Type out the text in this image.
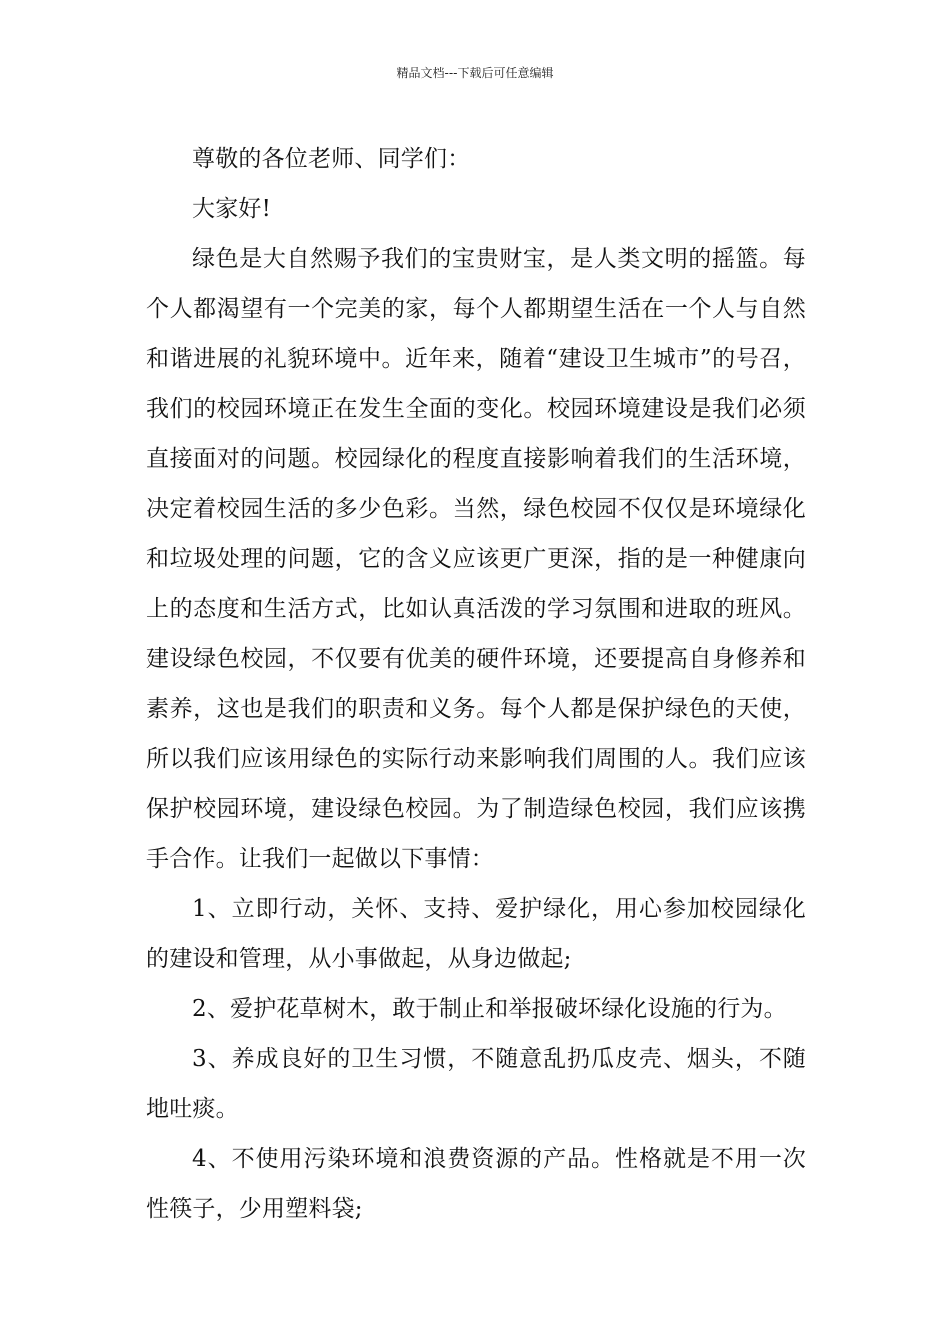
精品文档---下载后可任意编辑

尊敬的各位老师、同学们：

大家好!

绿色是大自然赐予我们的宝贵财宝，是人类文明的摇篮。每个人都渴望有一个完美的家，每个人都期望生活在一个人与自然和谐进展的礼貌环境中。近年来，随着“建设卫生城市”的号召，我们的校园环境正在发生全面的变化。校园环境建设是我们必须直接面对的问题。校园绿化的程度直接影响着我们的生活环境，决定着校园生活的多少色彩。当然，绿色校园不仅仅是环境绿化和垃圾处理的问题，它的含义应该更广更深，指的是一种健康向上的态度和生活方式，比如认真活泼的学习氛围和进取的班风。建设绿色校园，不仅要有优美的硬件环境，还要提高自身修养和素养，这也是我们的职责和义务。每个人都是保护绿色的天使，所以我们应该用绿色的实际行动来影响我们周围的人。我们应该保护校园环境，建设绿色校园。为了制造绿色校园，我们应该携手合作。让我们一起做以下事情：

1、立即行动，关怀、支持、爱护绿化，用心参加校园绿化的建设和管理，从小事做起，从身边做起;

2、爱护花草树木，敢于制止和举报破坏绿化设施的行为。

3、养成良好的卫生习惯，不随意乱扔瓜皮壳、烟头，不随地吐痰。

4、不使用污染环境和浪费资源的产品。性格就是不用一次性筷子，少用塑料袋;
